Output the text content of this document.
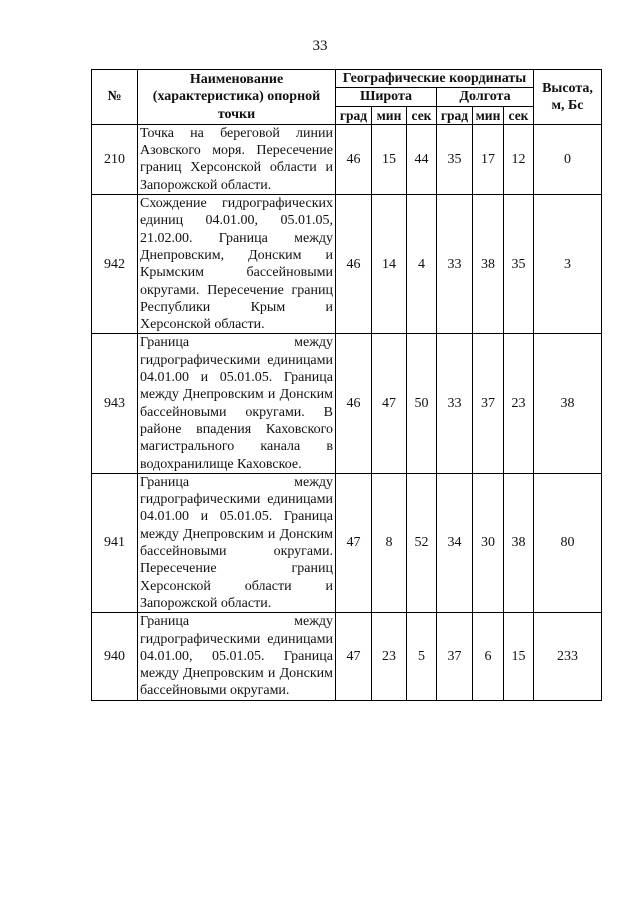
33
№	Наименование (характеристика) опорной точки	Географические координаты						Высота, м, Бс
		Широта			Долгота			
		град	мин	сек	град	мин	сек	
210	Точка на береговой линии Азовского моря. Пересечение границ Херсонской области и Запорожской области.	46	15	44	35	17	12	0
942	Схождение гидрографических единиц 04.01.00, 05.01.05, 21.02.00. Граница между Днепровским, Донским и Крымским бассейновыми округами. Пересечение границ Республики Крым и Херсонской области.	46	14	4	33	38	35	3
943	Граница между гидрографическими единицами 04.01.00 и 05.01.05. Граница между Днепровским и Донским бассейновыми округами. В районе впадения Каховского магистрального канала в водохранилище Каховское.	46	47	50	33	37	23	38
941	Граница между гидрографическими единицами 04.01.00 и 05.01.05. Граница между Днепровским и Донским бассейновыми округами. Пересечение границ Херсонской области и Запорожской области.	47	8	52	34	30	38	80
940	Граница между гидрографическими единицами 04.01.00, 05.01.05. Граница между Днепровским и Донским бассейновыми округами.	47	23	5	37	6	15	233
